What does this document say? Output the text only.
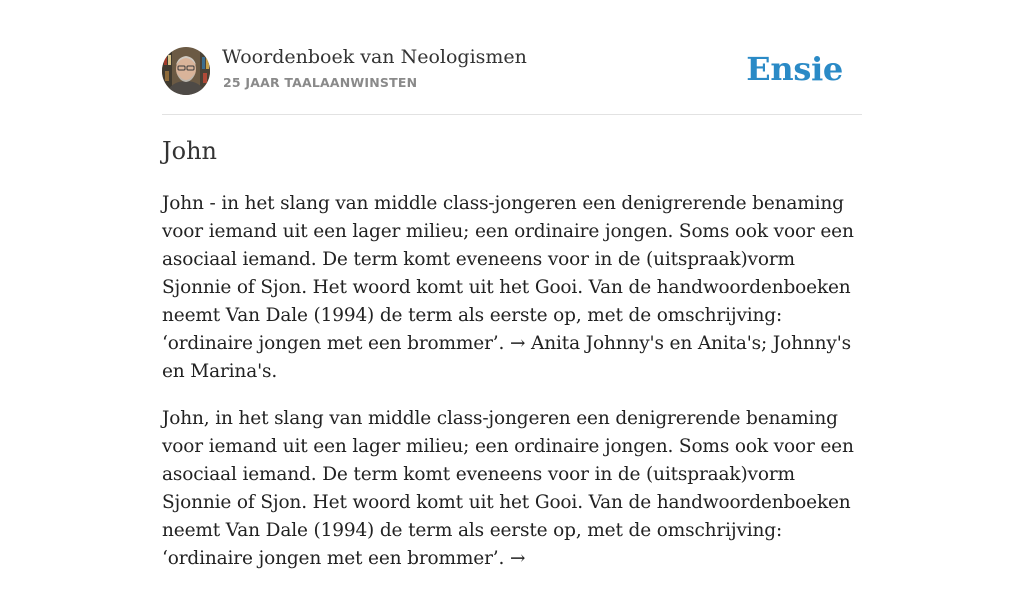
Woordenboek van Neologismen
25 JAAR TAALAANWINSTEN	Ensie
John

John - in het slang van middle class-jongeren een denigrerende benaming voor iemand uit een lager milieu; een ordinaire jongen. Soms ook voor een asociaal iemand. De term komt eveneens voor in de (uitspraak)vorm Sjonnie of Sjon. Het woord komt uit het Gooi. Van de handwoordenboeken neemt Van Dale (1994) de term als eerste op, met de omschrijving: ‘ordinaire jongen met een brommer’. → Anita Johnny's en Anita's; Johnny's en Marina's.

John, in het slang van middle class-jongeren een denigrerende benaming voor iemand uit een lager milieu; een ordinaire jongen. Soms ook voor een asociaal iemand. De term komt eveneens voor in de (uitspraak)vorm Sjonnie of Sjon. Het woord komt uit het Gooi. Van de handwoordenboeken neemt Van Dale (1994) de term als eerste op, met de omschrijving: ‘ordinaire jongen met een brommer’. →
